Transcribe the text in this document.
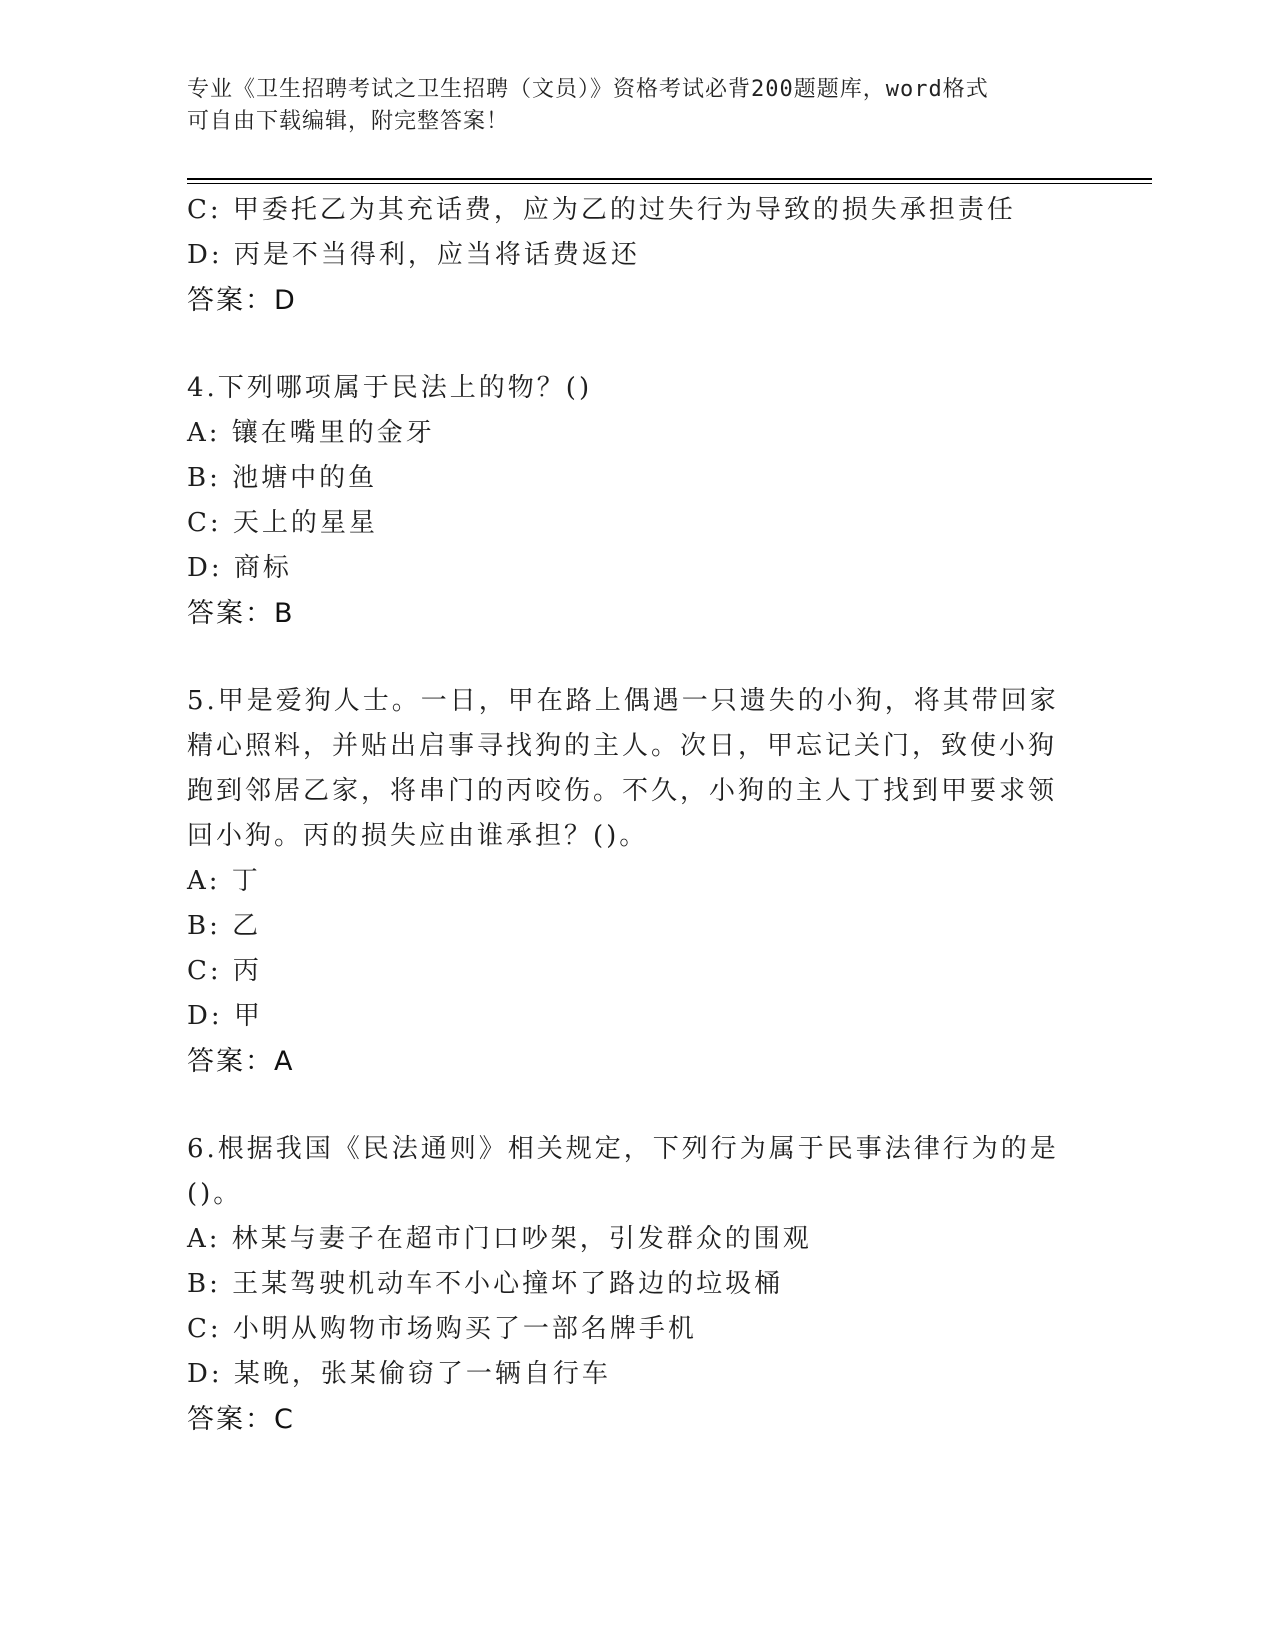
专业《卫生招聘考试之卫生招聘（文员）》资格考试必背200题题库，word格式
可自由下载编辑，附完整答案！
C: 甲委托乙为其充话费，应为乙的过失行为导致的损失承担责任
D: 丙是不当得利，应当将话费返还
答案：D
4.下列哪项属于民法上的物？()
A: 镶在嘴里的金牙
B: 池塘中的鱼
C: 天上的星星
D: 商标
答案：B
5.甲是爱狗人士。一日，甲在路上偶遇一只遗失的小狗，将其带回家
精心照料，并贴出启事寻找狗的主人。次日，甲忘记关门，致使小狗
跑到邻居乙家，将串门的丙咬伤。不久，小狗的主人丁找到甲要求领
回小狗。丙的损失应由谁承担？()。
A: 丁
B: 乙
C: 丙
D: 甲
答案：A
6.根据我国《民法通则》相关规定，下列行为属于民事法律行为的是
()。
A: 林某与妻子在超市门口吵架，引发群众的围观
B: 王某驾驶机动车不小心撞坏了路边的垃圾桶
C: 小明从购物市场购买了一部名牌手机
D: 某晚，张某偷窃了一辆自行车
答案：C
